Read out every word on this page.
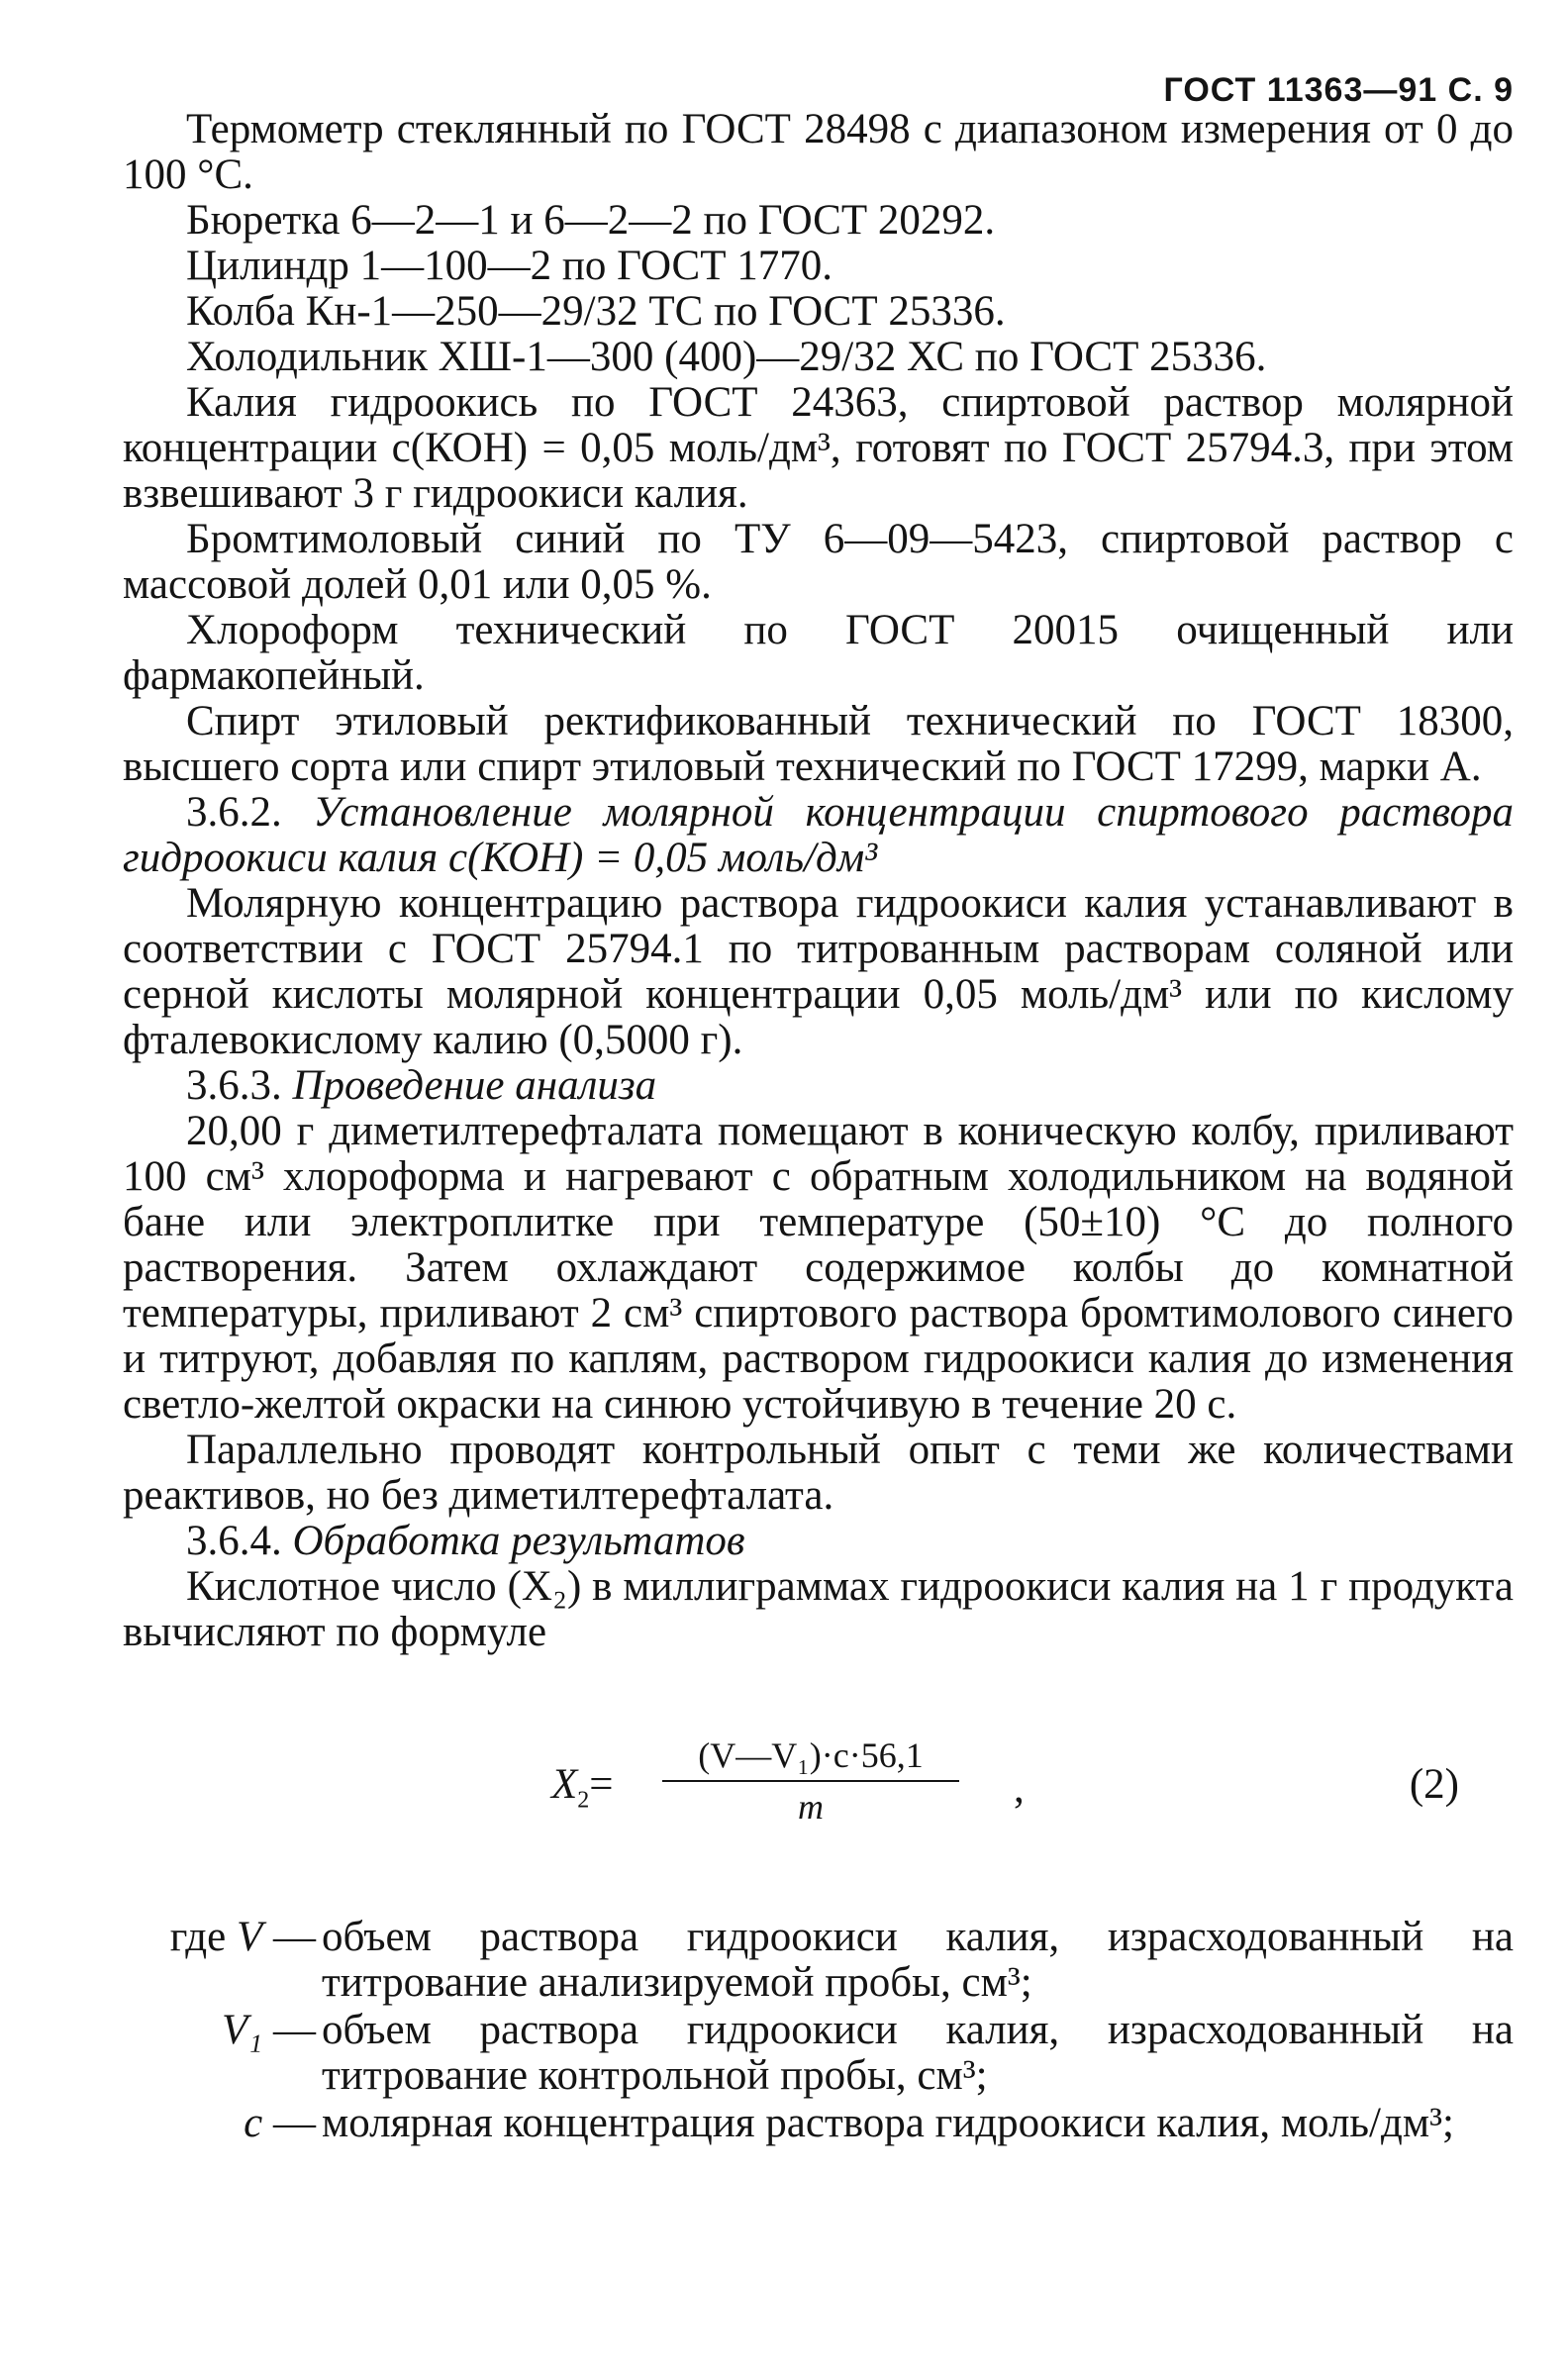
ГОСТ 11363—91 С. 9

Термометр стеклянный по ГОСТ 28498 с диапазоном измерения от 0 до 100 °С.

Бюретка 6—2—1 и 6—2—2 по ГОСТ 20292.

Цилиндр 1—100—2 по ГОСТ 1770.

Колба Кн-1—250—29/32 ТС по ГОСТ 25336.

Холодильник ХШ-1—300 (400)—29/32 ХС по ГОСТ 25336.

Калия гидроокись по ГОСТ 24363, спиртовой раствор молярной концентрации с(КОН) = 0,05 моль/дм³, готовят по ГОСТ 25794.3, при этом взвешивают 3 г гидроокиси калия.

Бромтимоловый синий по ТУ 6—09—5423, спиртовой раствор с массовой долей 0,01 или 0,05 %.

Хлороформ технический по ГОСТ 20015 очищенный или фармакопейный.

Спирт этиловый ректификованный технический по ГОСТ 18300, высшего сорта или спирт этиловый технический по ГОСТ 17299, марки А.

3.6.2. Установление молярной концентрации спиртового раствора гидроокиси калия с(КОН) = 0,05 моль/дм³

Молярную концентрацию раствора гидроокиси калия устанавливают в соответствии с ГОСТ 25794.1 по титрованным растворам соляной или серной кислоты молярной концентрации 0,05 моль/дм³ или по кислому фталевокислому калию (0,5000 г).

3.6.3. Проведение анализа

20,00 г диметилтерефталата помещают в коническую колбу, приливают 100 см³ хлороформа и нагревают с обратным холодильником на водяной бане или электроплитке при температуре (50±10) °С до полного растворения. Затем охлаждают содержимое колбы до комнатной температуры, приливают 2 см³ спиртового раствора бромтимолового синего и титруют, добавляя по каплям, раствором гидроокиси калия до изменения светло-желтой окраски на синюю устойчивую в течение 20 с.

Параллельно проводят контрольный опыт с теми же количествами реактивов, но без диметилтерефталата.

3.6.4. Обработка результатов

Кислотное число (X₂) в миллиграммах гидроокиси калия на 1 г продукта вычисляют по формуле

$X_2=$
(V—V₁)·c·56,1
m	,	(2)
где V — объем раствора гидроокиси калия, израсходованный на титрование анализируемой пробы, см³;
V₁ — объем раствора гидроокиси калия, израсходованный на титрование контрольной пробы, см³;
c — молярная концентрация раствора гидроокиси калия, моль/дм³;
